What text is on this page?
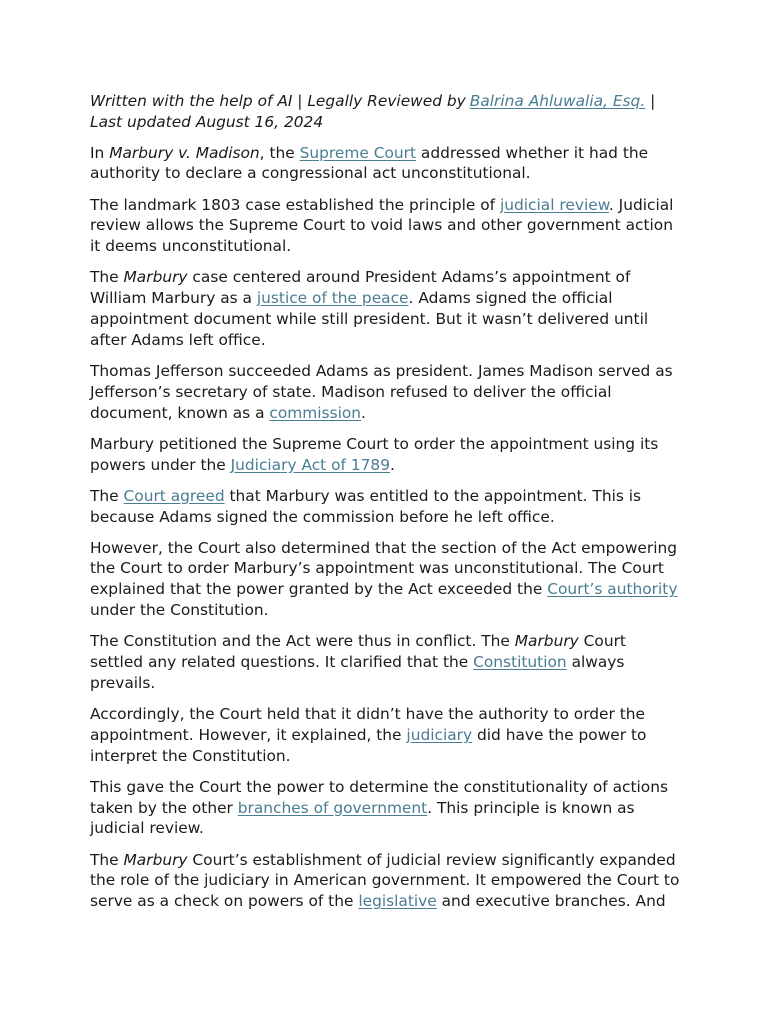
Written with the help of AI | Legally Reviewed by Balrina Ahluwalia, Esq. |
Last updated August 16, 2024

In Marbury v. Madison, the Supreme Court addressed whether it had the authority to declare a congressional act unconstitutional.

The landmark 1803 case established the principle of judicial review. Judicial review allows the Supreme Court to void laws and other government action it deems unconstitutional.

The Marbury case centered around President Adams’s appointment of William Marbury as a justice of the peace. Adams signed the official appointment document while still president. But it wasn’t delivered until after Adams left office.

Thomas Jefferson succeeded Adams as president. James Madison served as Jefferson’s secretary of state. Madison refused to deliver the official document, known as a commission.

Marbury petitioned the Supreme Court to order the appointment using its powers under the Judiciary Act of 1789.

The Court agreed that Marbury was entitled to the appointment. This is because Adams signed the commission before he left office.

However, the Court also determined that the section of the Act empowering the Court to order Marbury’s appointment was unconstitutional. The Court explained that the power granted by the Act exceeded the Court’s authority under the Constitution.

The Constitution and the Act were thus in conflict. The Marbury Court settled any related questions. It clarified that the Constitution always prevails.

Accordingly, the Court held that it didn’t have the authority to order the appointment. However, it explained, the judiciary did have the power to interpret the Constitution.

This gave the Court the power to determine the constitutionality of actions taken by the other branches of government. This principle is known as judicial review.

The Marbury Court’s establishment of judicial review significantly expanded the role of the judiciary in American government. It empowered the Court to serve as a check on powers of the legislative and executive branches. And
